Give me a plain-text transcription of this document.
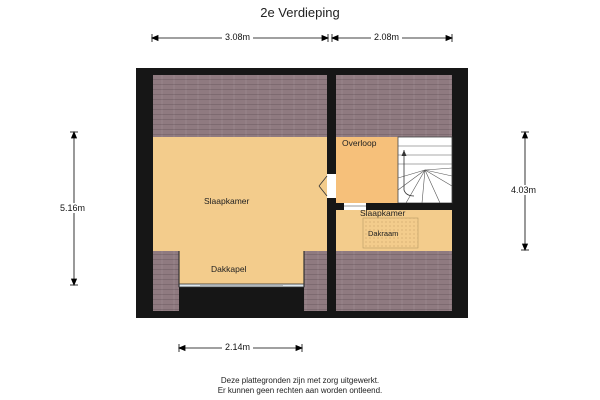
2e Verdieping
3.08m	2.08m
5.16m
4.03m
2.14m
Slaapkamer
Dakkapel
Overloop
Slaapkamer
Dakraam
Deze plattegronden zijn met zorg uitgewerkt.
Er kunnen geen rechten aan worden ontleend.
